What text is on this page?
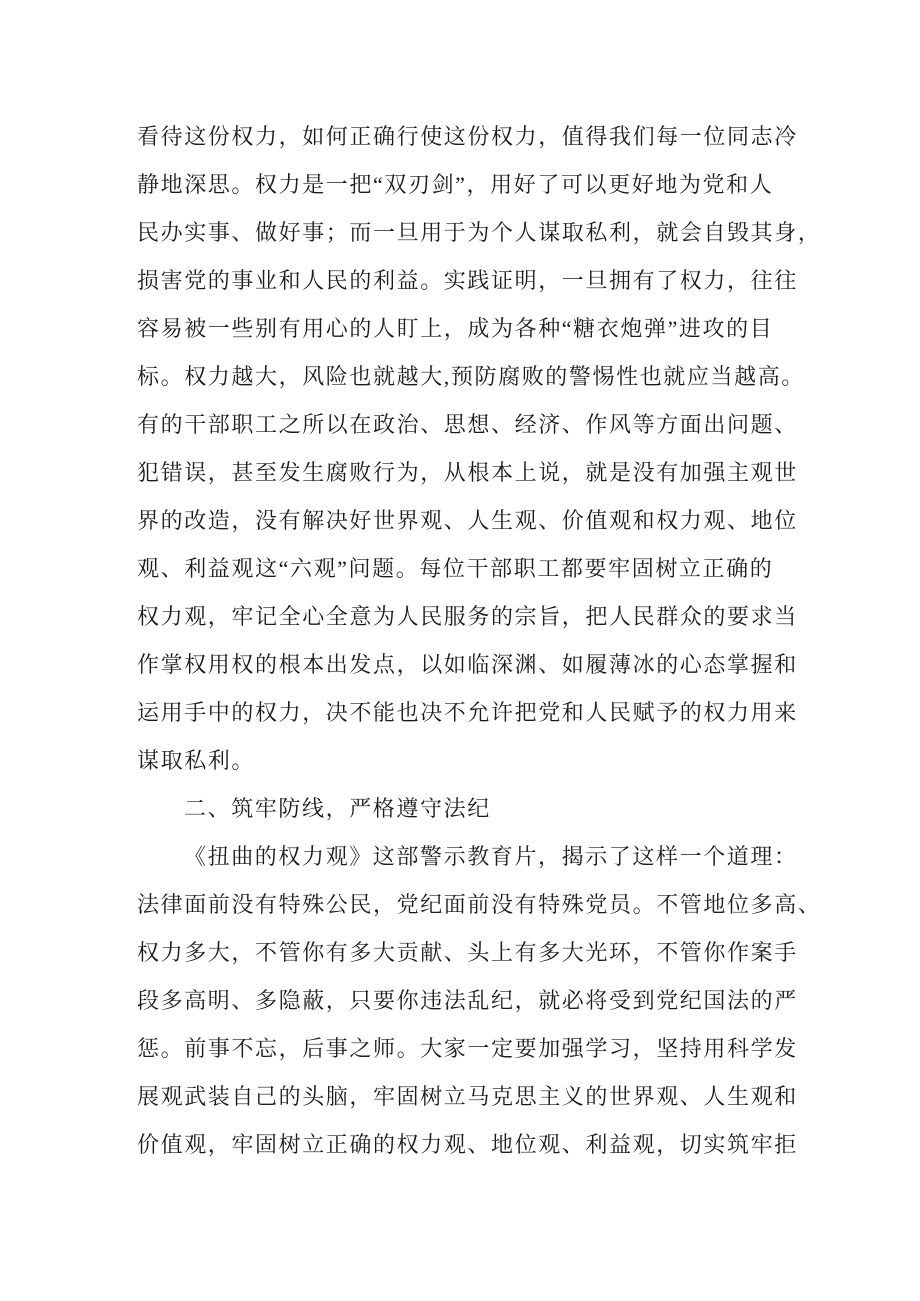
看待这份权力，如何正确行使这份权力，值得我们每一位同志冷
静地深思。权力是一把“双刃剑”，用好了可以更好地为党和人
民办实事、做好事；而一旦用于为个人谋取私利，就会自毁其身，
损害党的事业和人民的利益。实践证明，一旦拥有了权力，往往
容易被一些别有用心的人盯上，成为各种“糖衣炮弹”进攻的目
标。权力越大，风险也就越大,预防腐败的警惕性也就应当越高。
有的干部职工之所以在政治、思想、经济、作风等方面出问题、
犯错误，甚至发生腐败行为，从根本上说，就是没有加强主观世
界的改造，没有解决好世界观、人生观、价值观和权力观、地位
观、利益观这“六观”问题。每位干部职工都要牢固树立正确的
权力观，牢记全心全意为人民服务的宗旨，把人民群众的要求当
作掌权用权的根本出发点，以如临深渊、如履薄冰的心态掌握和
运用手中的权力，决不能也决不允许把党和人民赋予的权力用来
谋取私利。
二、筑牢防线，严格遵守法纪
《扭曲的权力观》这部警示教育片，揭示了这样一个道理：
法律面前没有特殊公民，党纪面前没有特殊党员。不管地位多高、
权力多大，不管你有多大贡献、头上有多大光环，不管你作案手
段多高明、多隐蔽，只要你违法乱纪，就必将受到党纪国法的严
惩。前事不忘，后事之师。大家一定要加强学习，坚持用科学发
展观武装自己的头脑，牢固树立马克思主义的世界观、人生观和
价值观，牢固树立正确的权力观、地位观、利益观，切实筑牢拒
